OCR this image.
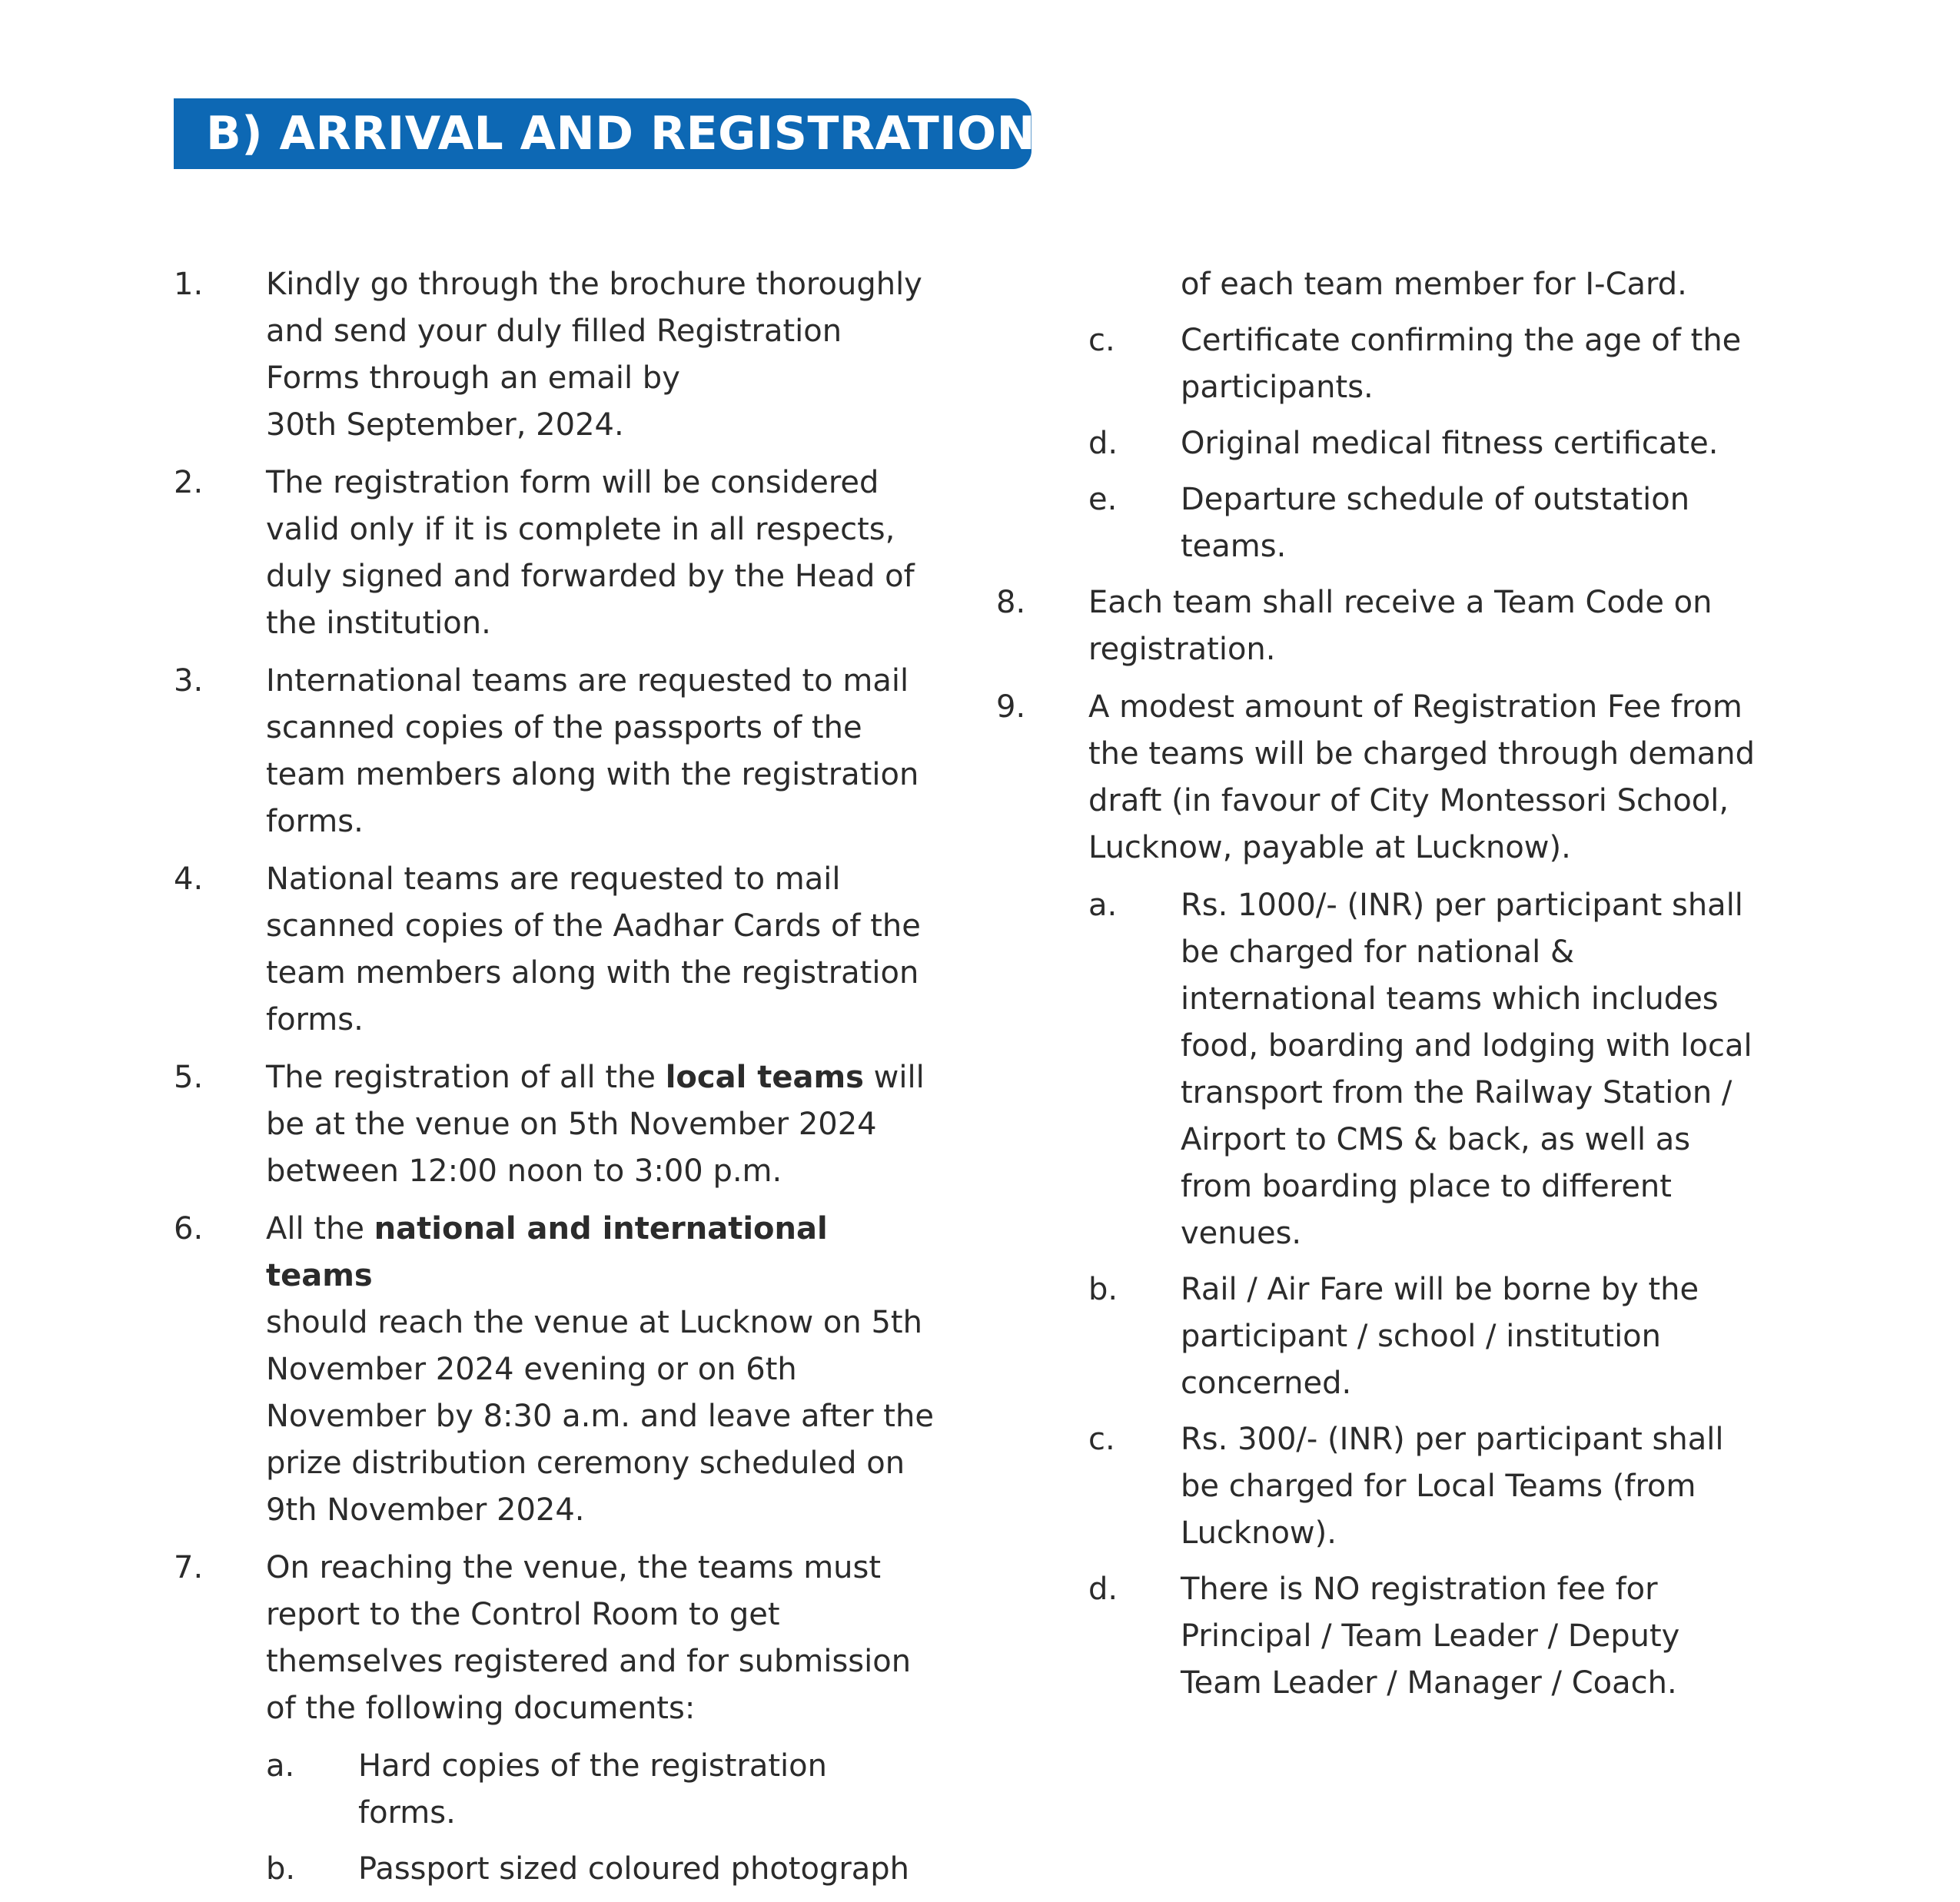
B) ARRIVAL AND REGISTRATION
1. Kindly go through the brochure thoroughly

and send your duly filled Registration

Forms through an email by

30th September, 2024.

2. The registration form will be considered

valid only if it is complete in all respects,

duly signed and forwarded by the Head of

the institution.

3. International teams are requested to mail

scanned copies of the passports of the

team members along with the registration

forms.

4. National teams are requested to mail

scanned copies of the Aadhar Cards of the

team members along with the registration

forms.

5. The registration of all the local teams will

be at the venue on 5th November 2024

between 12:00 noon to 3:00 p.m.

6. All the national and international teams

should reach the venue at Lucknow on 5th

November 2024 evening or on 6th

November by 8:30 a.m. and leave after the

prize distribution ceremony scheduled on

9th November 2024.

7. On reaching the venue, the teams must

report to the Control Room to get

themselves registered and for submission

of the following documents:

a. Hard copies of the registration

forms.

b. Passport sized coloured photograph

of each team member for I-Card.

c. Certificate confirming the age of the

participants.

d. Original medical fitness certificate.

e. Departure schedule of outstation

teams.

8. Each team shall receive a Team Code on

registration.

9. A modest amount of Registration Fee from

the teams will be charged through demand

draft (in favour of City Montessori School,

Lucknow, payable at Lucknow).

a. Rs. 1000/- (INR) per participant shall

be charged for national &

international teams which includes

food, boarding and lodging with local

transport from the Railway Station /

Airport to CMS & back, as well as

from boarding place to different

venues.

b. Rail / Air Fare will be borne by the

participant / school / institution

concerned.

c. Rs. 300/- (INR) per participant shall

be charged for Local Teams (from

Lucknow).

d. There is NO registration fee for

Principal / Team Leader / Deputy

Team Leader / Manager / Coach.
